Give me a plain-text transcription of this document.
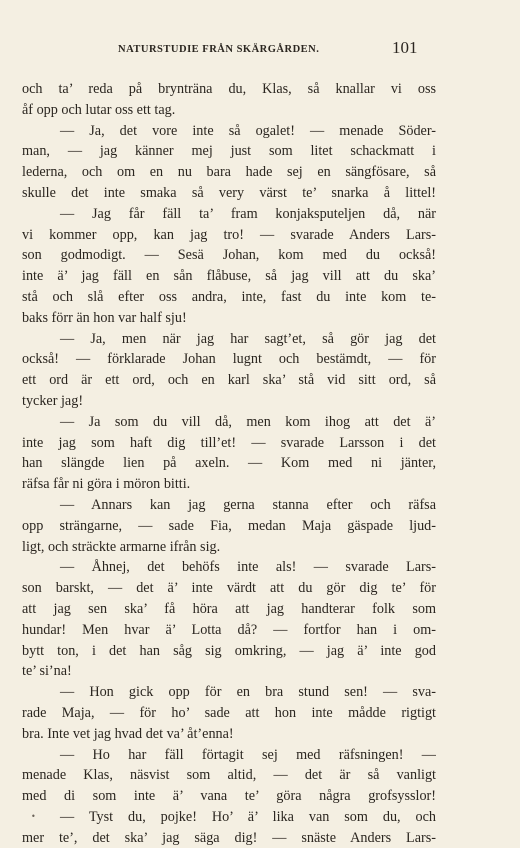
NATURSTUDIE FRÅN SKÄRGÅRDEN.	101
och ta’ reda på brynträna du, Klas, så knallar vi oss
åf opp och lutar oss ett tag.
— Ja, det vore inte så ogalet! — menade Söder-
man, — jag känner mej just som litet schackmatt i
lederna, och om en nu bara hade sej en sängfösare, så
skulle det inte smaka så very värst te’ snarka å littel!
— Jag får fäll ta’ fram konjaksputeljen då, när
vi kommer opp, kan jag tro! — svarade Anders Lars-
son godmodigt. — Sesä Johan, kom med du också!
inte ä’ jag fäll en sån flåbuse, så jag vill att du ska’
stå och slå efter oss andra, inte, fast du inte kom te-
baks förr än hon var half sju!
— Ja, men när jag har sagt’et, så gör jag det
också! — förklarade Johan lugnt och bestämdt, — för
ett ord är ett ord, och en karl ska’ stå vid sitt ord, så
tycker jag!
— Ja som du vill då, men kom ihog att det ä’
inte jag som haft dig till’et! — svarade Larsson i det
han slängde lien på axeln. — Kom med ni jänter,
räfsa får ni göra i möron bitti.
— Annars kan jag gerna stanna efter och räfsa
opp strängarne, — sade Fia, medan Maja gäspade ljud-
ligt, och sträckte armarne ifrån sig.
— Åhnej, det behöfs inte als! — svarade Lars-
son barskt, — det ä’ inte värdt att du gör dig te’ för
att jag sen ska’ få höra att jag handterar folk som
hundar! Men hvar ä’ Lotta då? — fortfor han i om-
bytt ton, i det han såg sig omkring, — jag ä’ inte god
te’ si’na!
— Hon gick opp för en bra stund sen! — sva-
rade Maja, — för ho’ sade att hon inte mådde rigtigt
bra. Inte vet jag hvad det va’ åt’enna!
— Ho har fäll förtagit sej med räfsningen! —
menade Klas, näsvist som altid, — det är så vanligt
med di som inte ä’ vana te’ göra några grofsysslor!
— Tyst du, pojke! Ho’ ä’ lika van som du, och
mer te’, det ska’ jag säga dig! — snäste Anders Lars-
•
